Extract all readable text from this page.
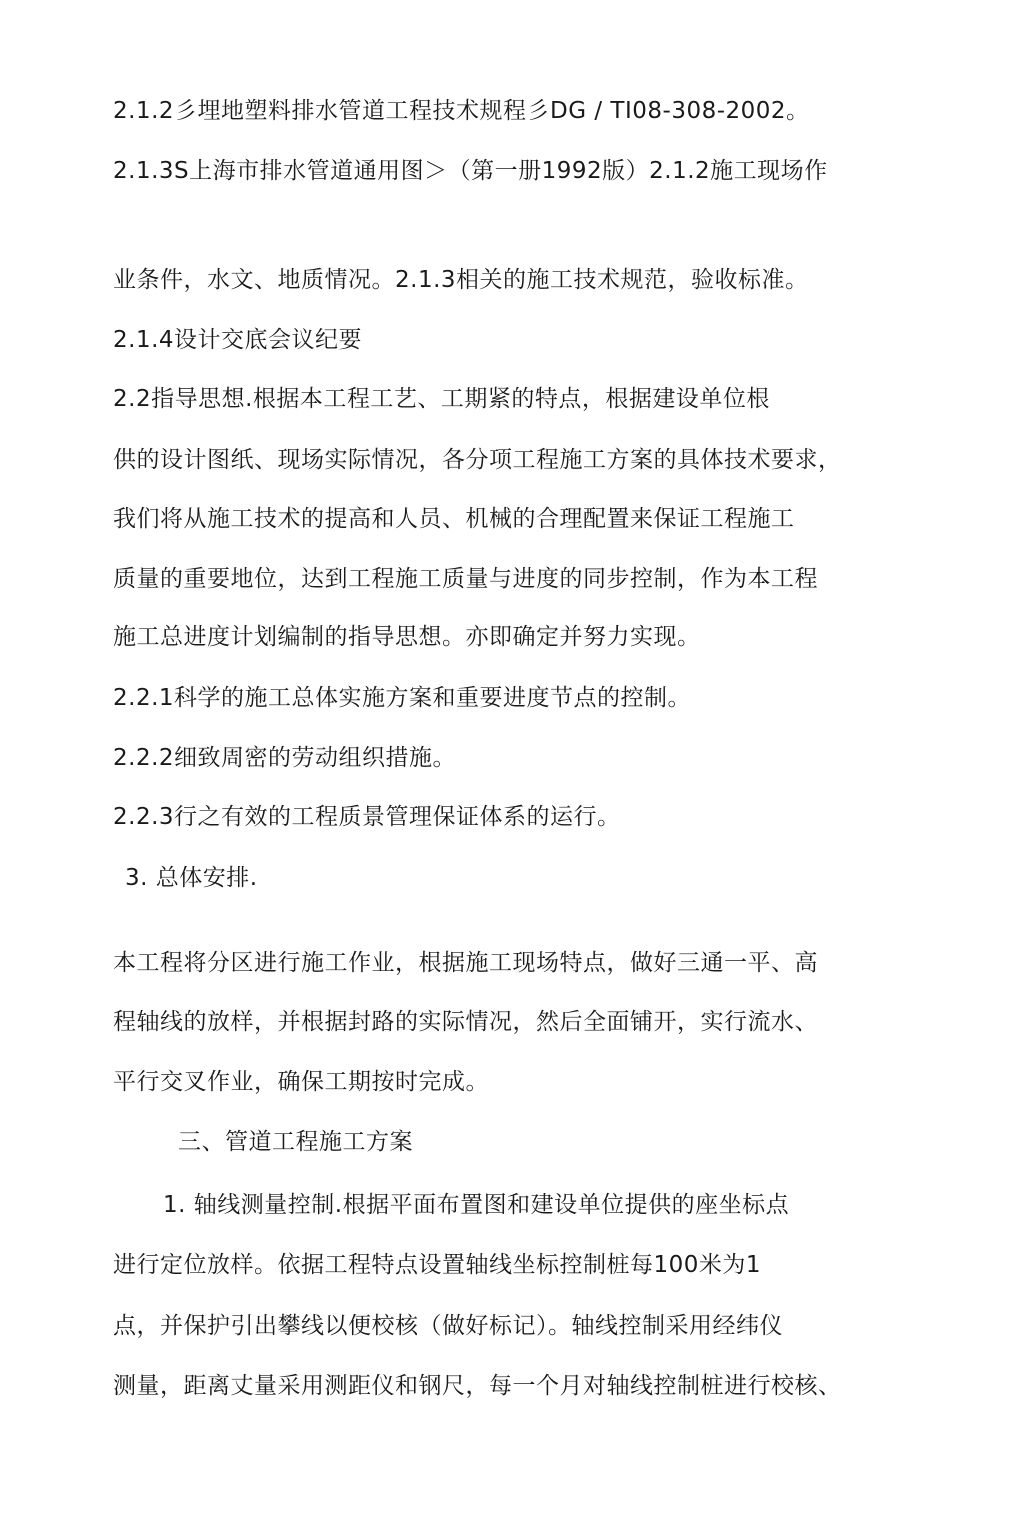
2.1.2彡埋地塑料排水管道工程技术规程彡DG / TI08-308-2002。
2.1.3S上海市排水管道通用图＞（第一册1992版）2.1.2施工现场作
业条件，水文、地质情况。2.1.3相关的施工技术规范，验收标准。
2.1.4设计交底会议纪要
2.2指导思想.根据本工程工艺、工期紧的特点，根据建设单位根
供的设计图纸、现场实际情况，各分项工程施工方案的具体技术要求，
我们将从施工技术的提高和人员、机械的合理配置来保证工程施工
质量的重要地位，达到工程施工质量与进度的同步控制，作为本工程
施工总进度计划编制的指导思想。亦即确定并努力实现。
2.2.1科学的施工总体实施方案和重要进度节点的控制。
2.2.2细致周密的劳动组织措施。
2.2.3行之有效的工程质景管理保证体系的运行。
3. 总体安排.
本工程将分区进行施工作业，根据施工现场特点，做好三通一平、高
程轴线的放样，并根据封路的实际情况，然后全面铺开，实行流水、
平行交叉作业，确保工期按时完成。
三、管道工程施工方案
1. 轴线测量控制.根据平面布置图和建设单位提供的座坐标点
进行定位放样。依据工程特点设置轴线坐标控制桩每100米为1
点，并保护引出攀线以便校核（做好标记）。轴线控制采用经纬仪
测量，距离丈量采用测距仪和钢尺，每一个月对轴线控制桩进行校核、
